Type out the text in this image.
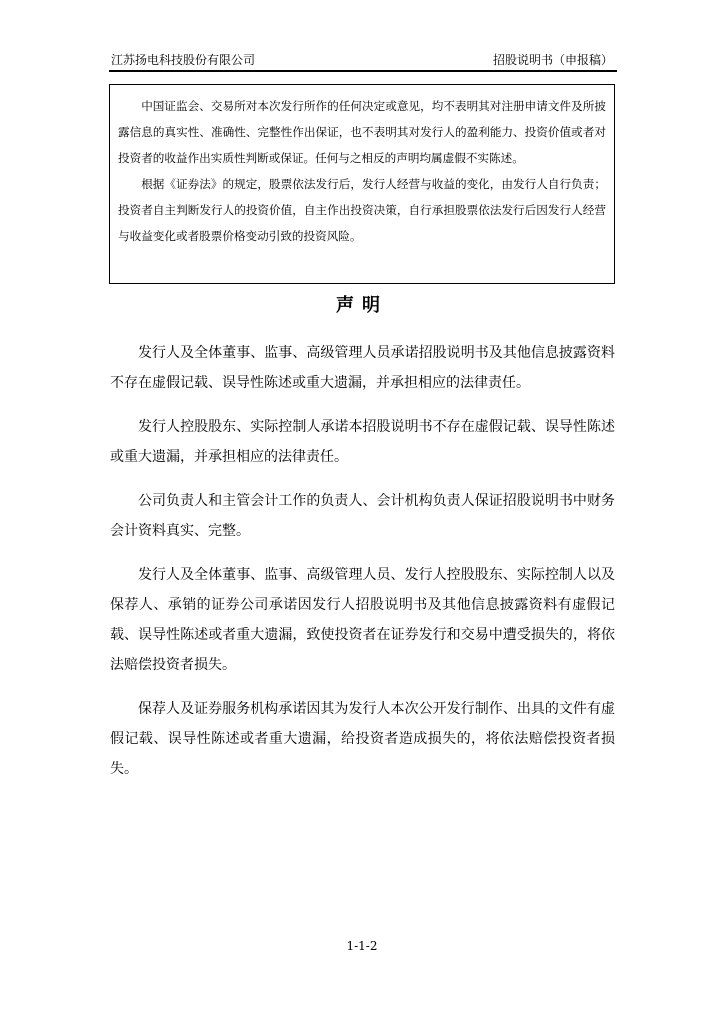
江苏扬电科技股份有限公司	招股说明书（申报稿）

中国证监会、交易所对本次发行所作的任何决定或意见，均不表明其对注册申请文件及所披露信息的真实性、准确性、完整性作出保证，也不表明其对发行人的盈利能力、投资价值或者对投资者的收益作出实质性判断或保证。任何与之相反的声明均属虚假不实陈述。

根据《证券法》的规定，股票依法发行后，发行人经营与收益的变化，由发行人自行负责；投资者自主判断发行人的投资价值，自主作出投资决策，自行承担股票依法发行后因发行人经营与收益变化或者股票价格变动引致的投资风险。

声明

发行人及全体董事、监事、高级管理人员承诺招股说明书及其他信息披露资料不存在虚假记载、误导性陈述或重大遗漏，并承担相应的法律责任。

发行人控股股东、实际控制人承诺本招股说明书不存在虚假记载、误导性陈述或重大遗漏，并承担相应的法律责任。

公司负责人和主管会计工作的负责人、会计机构负责人保证招股说明书中财务会计资料真实、完整。

发行人及全体董事、监事、高级管理人员、发行人控股股东、实际控制人以及保荐人、承销的证券公司承诺因发行人招股说明书及其他信息披露资料有虚假记载、误导性陈述或者重大遗漏，致使投资者在证券发行和交易中遭受损失的，将依法赔偿投资者损失。

保荐人及证券服务机构承诺因其为发行人本次公开发行制作、出具的文件有虚假记载、误导性陈述或者重大遗漏，给投资者造成损失的，将依法赔偿投资者损失。

1-1-2
